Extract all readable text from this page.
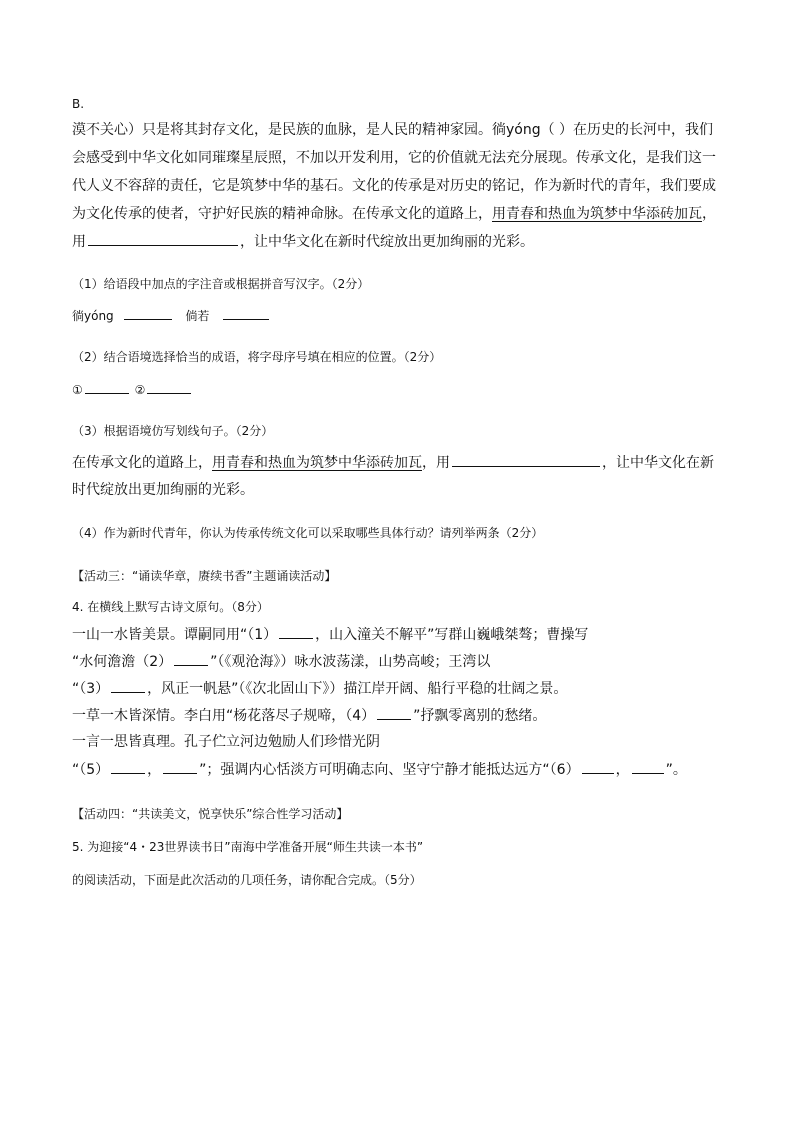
B.
漠不关心）只是将其封存文化，是民族的血脉，是人民的精神家园。徜yóng（ ）在历史的长河中，我们
会感受到中华文化如同璀璨星辰照，不加以开发利用，它的价值就无法充分展现。传承文化，是我们这一
代人义不容辞的责任，它是筑梦中华的基石。文化的传承是对历史的铭记，作为新时代的青年，我们要成
为文化传承的使者，守护好民族的精神命脉。在传承文化的道路上，用青春和热血为筑梦中华添砖加瓦，
用	，让中华文化在新时代绽放出更加绚丽的光彩。
（1）给语段中加点的字注音或根据拼音写汉字。（2分）
徜yóng	倘若
（2）结合语境选择恰当的成语，将字母序号填在相应的位置。（2分）
①	②
（3）根据语境仿写划线句子。（2分）
在传承文化的道路上，用青春和热血为筑梦中华添砖加瓦，用	，让中华文化在新
时代绽放出更加绚丽的光彩。
（4）作为新时代青年，你认为传承传统文化可以采取哪些具体行动？请列举两条（2分）
【活动三：“诵读华章，赓续书香”主题诵读活动】
4. 在横线上默写古诗文原句。（8分）
一山一水皆美景。谭嗣同用“（1）	，山入潼关不解平”写群山巍峨桀骜；曹操写
“水何澹澹（2）	”（《观沧海》）咏水波荡漾，山势高峻；王湾以
“（3）	，风正一帆悬”（《次北固山下》）描江岸开阔、船行平稳的壮阔之景。
一草一木皆深情。李白用“杨花落尽子规啼，（4）	”抒飘零离别的愁绪。
一言一思皆真理。孔子伫立河边勉励人们珍惜光阴
“（5）	，	”；强调内心恬淡方可明确志向、坚守宁静才能抵达远方“（6）	，	”。
【活动四：“共读美文，悦享快乐”综合性学习活动】
5. 为迎接“4・23世界读书日”南海中学准备开展“师生共读一本书”
的阅读活动，下面是此次活动的几项任务，请你配合完成。（5分）
